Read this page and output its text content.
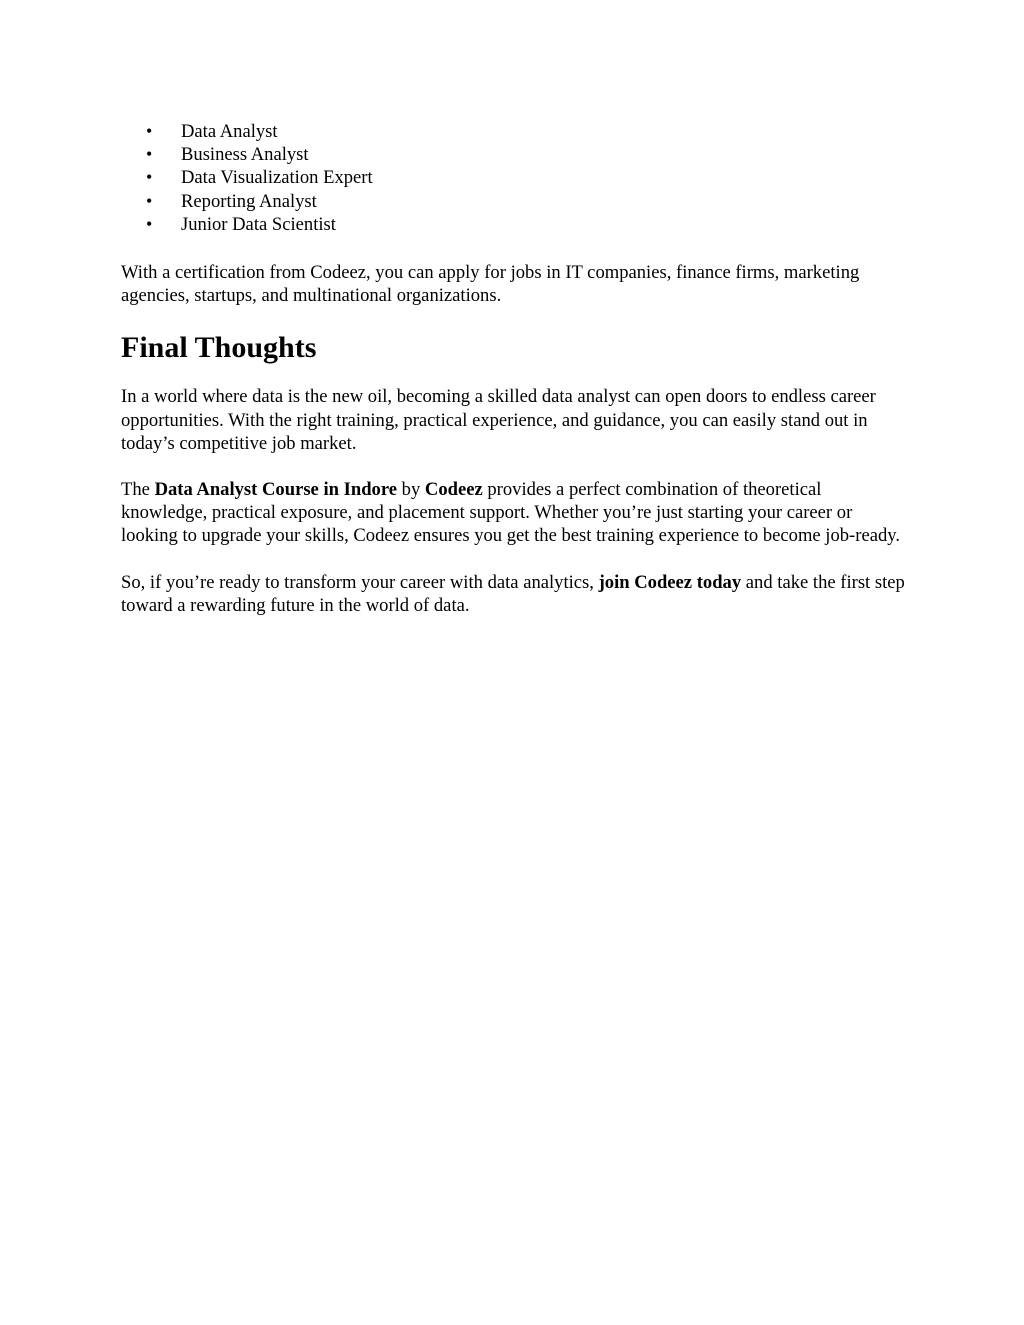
• Data Analyst
• Business Analyst
• Data Visualization Expert
• Reporting Analyst
• Junior Data Scientist

With a certification from Codeez, you can apply for jobs in IT companies, finance firms, marketing agencies, startups, and multinational organizations.

Final Thoughts

In a world where data is the new oil, becoming a skilled data analyst can open doors to endless career opportunities. With the right training, practical experience, and guidance, you can easily stand out in today’s competitive job market.

The Data Analyst Course in Indore by Codeez provides a perfect combination of theoretical knowledge, practical exposure, and placement support. Whether you’re just starting your career or looking to upgrade your skills, Codeez ensures you get the best training experience to become job-ready.

So, if you’re ready to transform your career with data analytics, join Codeez today and take the first step toward a rewarding future in the world of data.
